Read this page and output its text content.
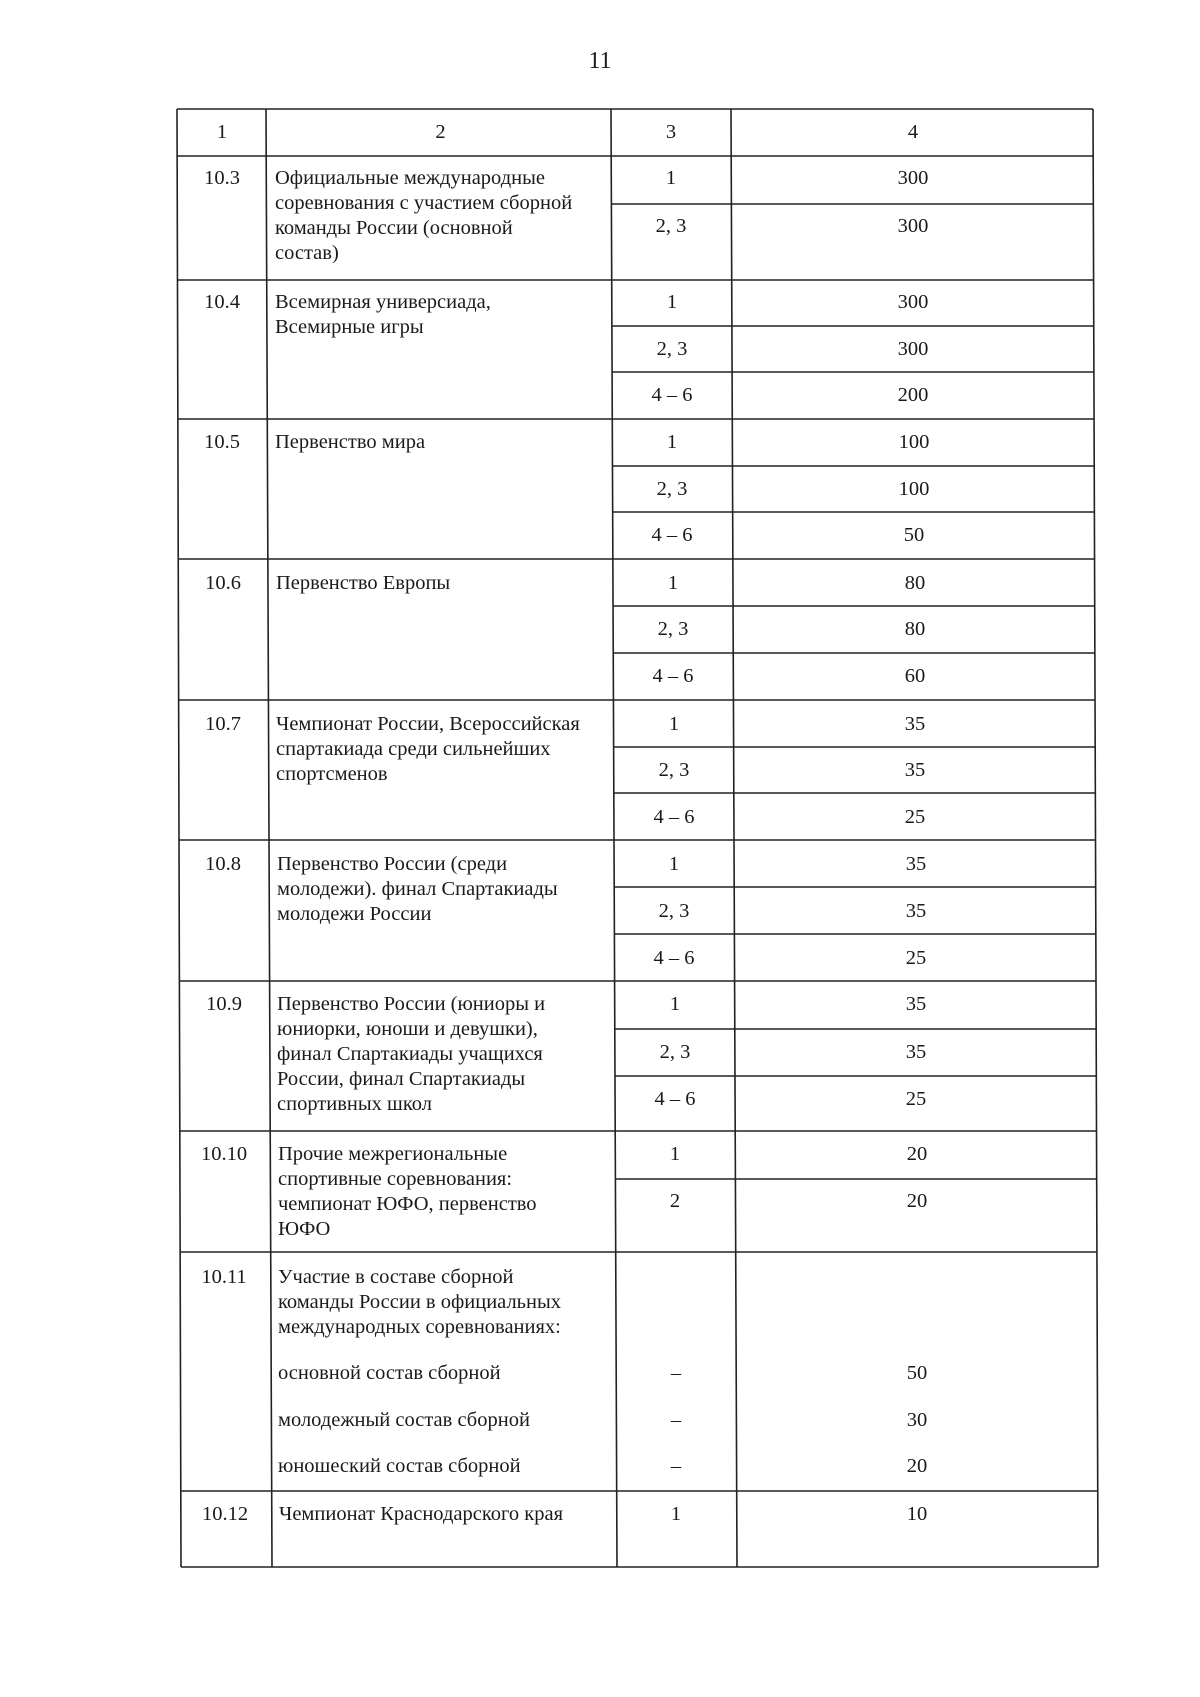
11
1	2	3	4
10.3	Официальные международные
соревнования с участием сборной
команды России (основной
состав)
1	300
2, 3	300
10.4	Всемирная универсиада,
Всемирные игры
1	300
2, 3	300
4 – 6	200
10.5	Первенство мира	1	100
2, 3	100
4 – 6	50
10.6	Первенство Европы	1	80
2, 3	80
4 – 6	60
10.7	Чемпионат России, Всероссийская
спартакиада среди сильнейших
спортсменов
1	35
2, 3	35
4 – 6	25
10.8	Первенство России (среди
молодежи). финал Спартакиады
молодежи России
1	35
2, 3	35
4 – 6	25
10.9	Первенство России (юниоры и
юниорки, юноши и девушки),
финал Спартакиады учащихся
России, финал Спартакиады
спортивных школ
1	35
2, 3	35
4 – 6	25
10.10	Прочие межрегиональные
спортивные соревнования:
чемпионат ЮФО, первенство
ЮФО
1	20
2	20
10.11	Участие в составе сборной
команды России в официальных
международных соревнованиях:
основной состав сборной	–	50
молодежный состав сборной	–	30
юношеский состав сборной	–	20
10.12	Чемпионат Краснодарского края	1	10
